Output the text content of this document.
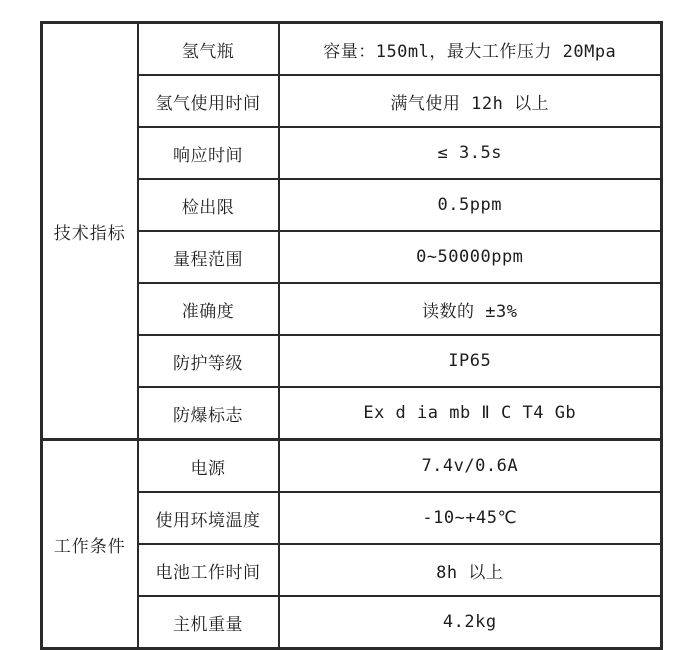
技术指标	氢气瓶	容量：150ml，最大工作压力 20Mpa
	氢气使用时间	满气使用 12h 以上
	响应时间	≤ 3.5s
	检出限	0.5ppm
	量程范围	0~50000ppm
	准确度	读数的 ±3%
	防护等级	IP65
	防爆标志	Ex d ia mb Ⅱ C T4 Gb
工作条件	电源	7.4v/0.6A
	使用环境温度	-10~+45℃
	电池工作时间	8h 以上
	主机重量	4.2kg
